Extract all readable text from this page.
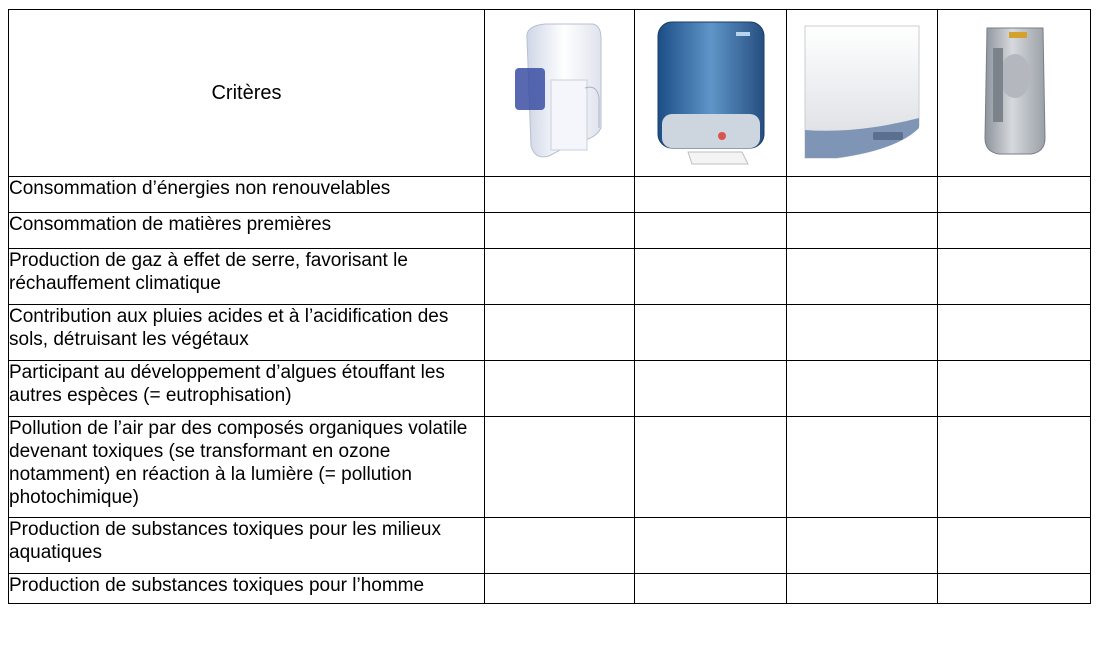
Critères	

Consommation d’énergies non renouvelables				
Consommation de matières premières				
Production de gaz à effet de serre, favorisant le réchauffement climatique				
Contribution aux pluies acides et à l’acidification des sols, détruisant les végétaux				
Participant au développement d’algues étouffant les autres espèces (= eutrophisation)				
Pollution de l’air par des composés organiques volatile devenant toxiques (se transformant en ozone notamment) en réaction à la lumière (= pollution photochimique)				
Production de substances toxiques pour les milieux aquatiques				
Production de substances toxiques pour l’homme				
